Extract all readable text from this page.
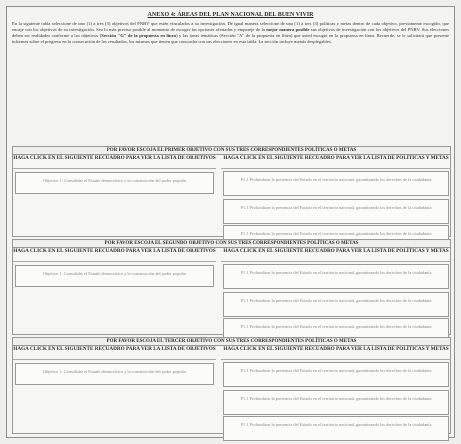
ANEXO 4: ÁREAS DEL PLAN NACIONAL DEL BUEN VIVIR
En la siguiente tabla seleccione de uno (1) a tres (3) objetivos del PNBV que estén vinculados a su investigación. De igual manera seleccione de una (1) a tres (3) políticas y metas dentro de cada objetivo, previamente escogido, que encaje con los objetivos de su investigación. Sea lo más preciso posible al momento de escoger las opciones ofertadas y empareje de la mejor manera posible sus objetivos de investigación con los objetivos del PNBV. Sus elecciones deben ser realidades conforme a los objetivos (Sección "G" de la propuesta en línea) y las áreas temáticas (Sección "A" de la propuesta en línea) que usted escogió en la propuesta en línea. Recuerde, se le solicitará que presente informes sobre el progreso en la consecución de los resultados, los mismos que tienen que concordar con sus elecciones en esta tabla. La sección incluye menús desplegables.
POR FAVOR ESCOJA EL PRIMER OBJETIVO CON SUS TRES CORRESPONDIENTES POLÍTICAS O METAS
HAGA CLICK EN EL SIGUIENTE RECUADRO PARA VER LA LISTA DE OBJETIVOS
Objetivo 1. Consolidar el Estado democrático y la construcción del poder popular
HAGA CLICK EN EL SIGUIENTE RECUADRO PARA VER LA LISTA DE POLÍTICAS Y METAS
P1.1 Profundizar la presencia del Estado en el territorio nacional, garantizando los derechos de la ciudadanía
P1.1 Profundizar la presencia del Estado en el territorio nacional, garantizando los derechos de la ciudadanía
P1.1 Profundizar la presencia del Estado en el territorio nacional, garantizando los derechos de la ciudadanía
POR FAVOR ESCOJA EL SEGUNDO OBJETIVO CON SUS TRES CORRESPONDIENTES POLÍTICAS O METAS
HAGA CLICK EN EL SIGUIENTE RECUADRO PARA VER LA LISTA DE OBJETIVOS
Objetivo 1. Consolidar el Estado democrático y la construcción del poder popular
HAGA CLICK EN EL SIGUIENTE RECUADRO PARA VER LA LISTA DE POLÍTICAS Y METAS
P1.1 Profundizar la presencia del Estado en el territorio nacional, garantizando los derechos de la ciudadanía
P1.1 Profundizar la presencia del Estado en el territorio nacional, garantizando los derechos de la ciudadanía
P1.1 Profundizar la presencia del Estado en el territorio nacional, garantizando los derechos de la ciudadanía
POR FAVOR ESCOJA EL TERCER OBJETIVO CON SUS TRES CORRESPONDIENTES POLÍTICAS O METAS
HAGA CLICK EN EL SIGUIENTE RECUADRO PARA VER LA LISTA DE OBJETIVOS
Objetivo 1. Consolidar el Estado democrático y la construcción del poder popular
HAGA CLICK EN EL SIGUIENTE RECUADRO PARA VER LA LISTA DE POLÍTICAS Y METAS
P1.1 Profundizar la presencia del Estado en el territorio nacional, garantizando los derechos de la ciudadanía
P1.1 Profundizar la presencia del Estado en el territorio nacional, garantizando los derechos de la ciudadanía
P1.1 Profundizar la presencia del Estado en el territorio nacional, garantizando los derechos de la ciudadanía
